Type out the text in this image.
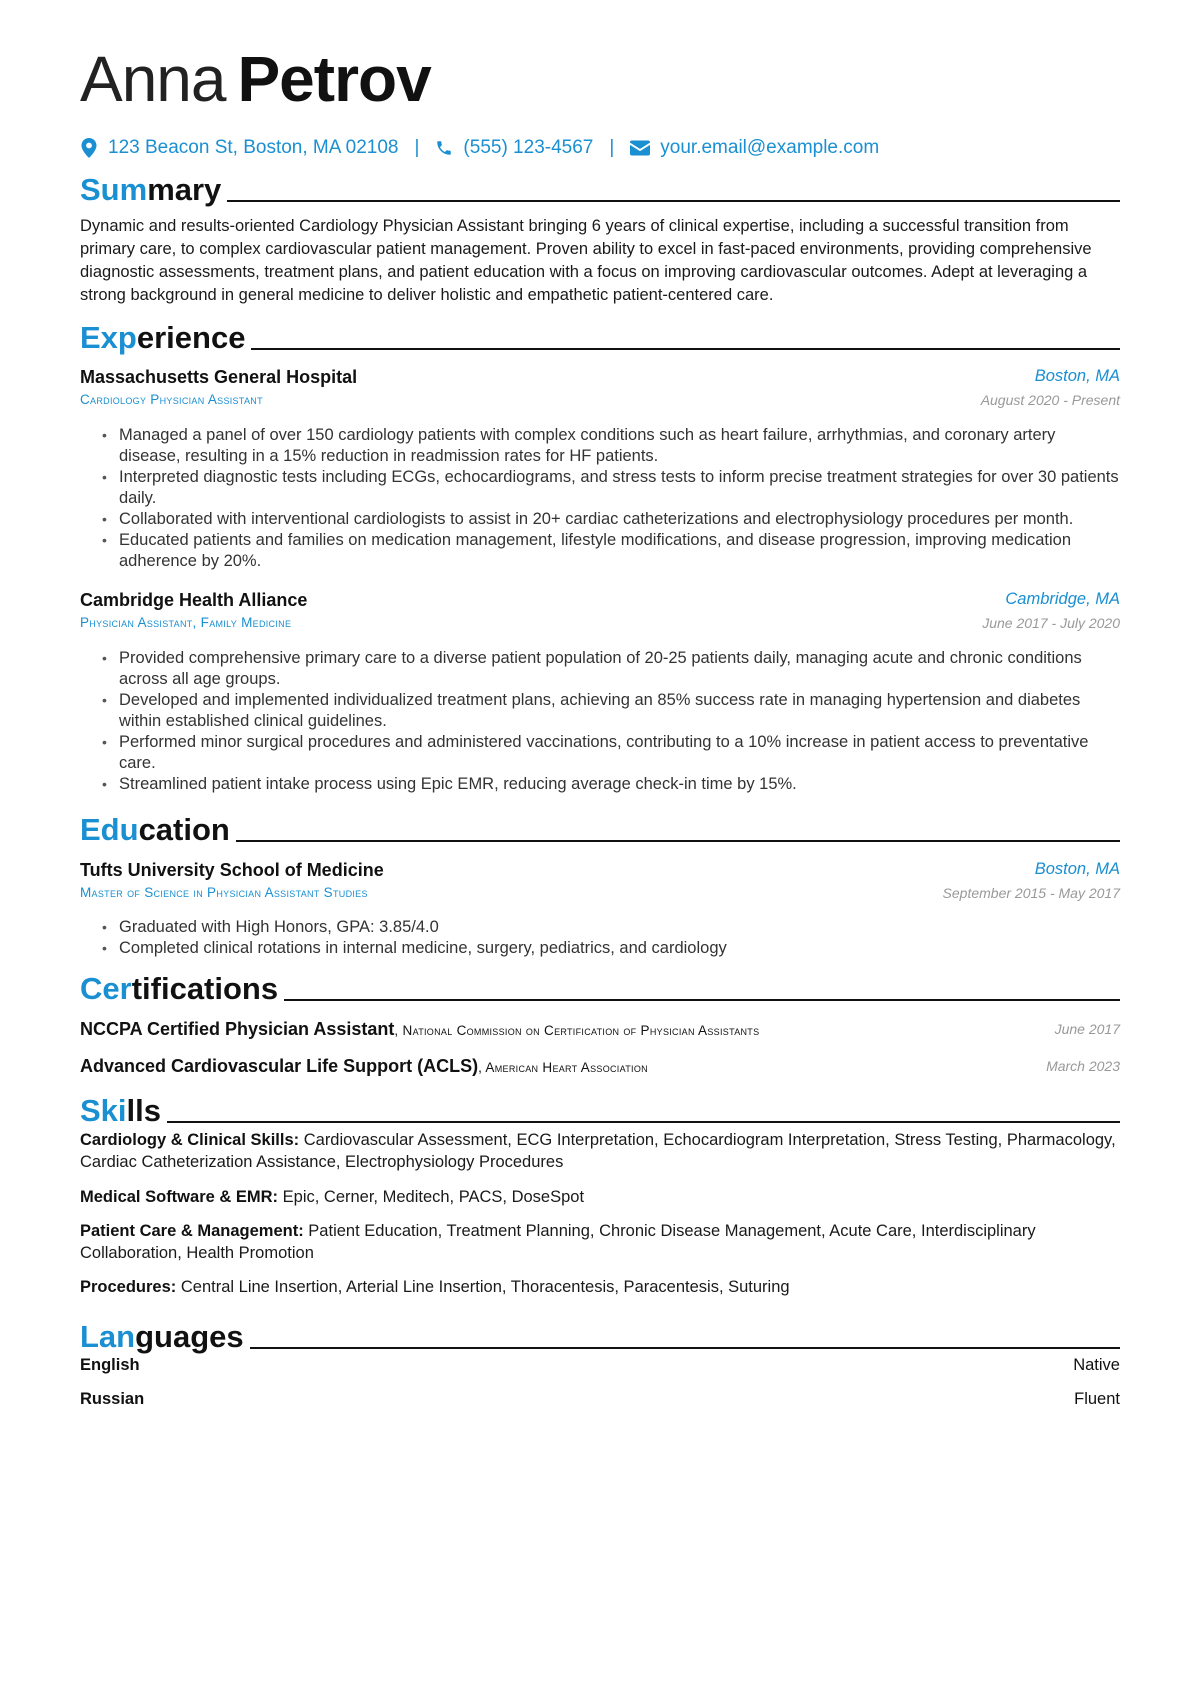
Anna Petrov
123 Beacon St, Boston, MA 02108 | (555) 123-4567 | your.email@example.com
Summary
Dynamic and results-oriented Cardiology Physician Assistant bringing 6 years of clinical expertise, including a successful transition from primary care, to complex cardiovascular patient management. Proven ability to excel in fast-paced environments, providing comprehensive diagnostic assessments, treatment plans, and patient education with a focus on improving cardiovascular outcomes. Adept at leveraging a strong background in general medicine to deliver holistic and empathetic patient-centered care.
Experience
Massachusetts General Hospital	Boston, MA
Cardiology Physician Assistant	August 2020 - Present
• Managed a panel of over 150 cardiology patients with complex conditions such as heart failure, arrhythmias, and coronary artery disease, resulting in a 15% reduction in readmission rates for HF patients.
• Interpreted diagnostic tests including ECGs, echocardiograms, and stress tests to inform precise treatment strategies for over 30 patients daily.
• Collaborated with interventional cardiologists to assist in 20+ cardiac catheterizations and electrophysiology procedures per month.
• Educated patients and families on medication management, lifestyle modifications, and disease progression, improving medication adherence by 20%.
Cambridge Health Alliance	Cambridge, MA
Physician Assistant, Family Medicine	June 2017 - July 2020
• Provided comprehensive primary care to a diverse patient population of 20-25 patients daily, managing acute and chronic conditions across all age groups.
• Developed and implemented individualized treatment plans, achieving an 85% success rate in managing hypertension and diabetes within established clinical guidelines.
• Performed minor surgical procedures and administered vaccinations, contributing to a 10% increase in patient access to preventative care.
• Streamlined patient intake process using Epic EMR, reducing average check-in time by 15%.
Education
Tufts University School of Medicine	Boston, MA
Master of Science in Physician Assistant Studies	September 2015 - May 2017
• Graduated with High Honors, GPA: 3.85/4.0
• Completed clinical rotations in internal medicine, surgery, pediatrics, and cardiology
Certifications
NCCPA Certified Physician Assistant, National Commission on Certification of Physician Assistants	June 2017
Advanced Cardiovascular Life Support (ACLS), American Heart Association	March 2023
Skills
Cardiology & Clinical Skills: Cardiovascular Assessment, ECG Interpretation, Echocardiogram Interpretation, Stress Testing, Pharmacology, Cardiac Catheterization Assistance, Electrophysiology Procedures
Medical Software & EMR: Epic, Cerner, Meditech, PACS, DoseSpot
Patient Care & Management: Patient Education, Treatment Planning, Chronic Disease Management, Acute Care, Interdisciplinary Collaboration, Health Promotion
Procedures: Central Line Insertion, Arterial Line Insertion, Thoracentesis, Paracentesis, Suturing
Languages
English	Native
Russian	Fluent
